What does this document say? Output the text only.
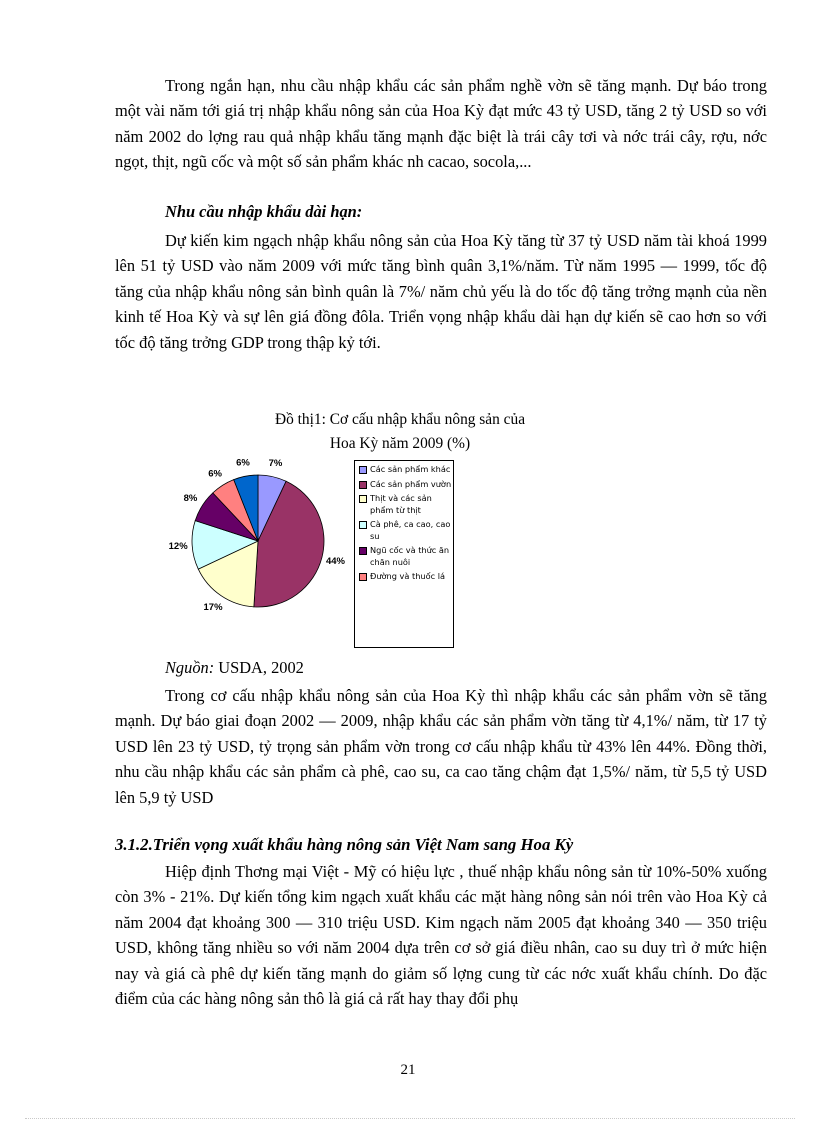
Trong ngắn hạn, nhu cầu nhập khẩu các sản phẩm nghề vờn sẽ tăng mạnh. Dự báo trong một vài năm tới giá trị nhập khẩu nông sản của Hoa Kỳ đạt mức 43 tỷ USD, tăng 2 tỷ USD so với năm 2002 do lợng rau quả nhập khẩu tăng mạnh đặc biệt là trái cây tơi và nớc trái cây, rợu, nớc ngọt, thịt, ngũ cốc và một số sản phẩm khác nh cacao, socola,...

Nhu cầu nhập khẩu dài hạn:

Dự kiến kim ngạch nhập khẩu nông sản của Hoa Kỳ tăng từ 37 tỷ USD năm tài khoá 1999 lên 51 tỷ USD vào năm 2009 với mức tăng bình quân 3,1%/năm. Từ năm 1995 — 1999, tốc độ tăng của nhập khẩu nông sản bình quân là 7%/ năm chủ yếu là do tốc độ tăng trởng mạnh của nền kinh tế Hoa Kỳ và sự lên giá đồng đôla. Triển vọng nhập khẩu dài hạn dự kiến sẽ cao hơn so với tốc độ tăng trởng GDP trong thập kỷ tới.

Đồ thị1: Cơ cấu nhập khẩu nông sản của
Hoa Kỳ năm 2009 (%)

7%
44%
17%
12%
8%
6%
6%
Các sản phẩm khác
Các sản phẩm vườn
Thịt và các sản phẩm từ thịt
Cà phê, ca cao, cao su
Ngũ cốc và thức ăn chăn nuôi
Đường và thuốc lá

Nguồn: USDA, 2002

Trong cơ cấu nhập khẩu nông sản của Hoa Kỳ thì nhập khẩu các sản phẩm vờn sẽ tăng mạnh. Dự báo giai đoạn 2002 — 2009, nhập khẩu các sản phẩm vờn tăng từ 4,1%/ năm, từ 17 tỷ USD lên 23 tỷ USD, tỷ trọng sản phẩm vờn trong cơ cấu nhập khẩu từ 43% lên 44%. Đồng thời, nhu cầu nhập khẩu các sản phẩm cà phê, cao su, ca cao tăng chậm đạt 1,5%/ năm, từ 5,5 tỷ USD lên 5,9 tỷ USD

3.1.2.Triển vọng xuất khẩu hàng nông sản Việt Nam sang Hoa Kỳ

Hiệp định Thơng mại Việt - Mỹ có hiệu lực , thuế nhập khẩu nông sản từ 10%-50% xuống còn 3% - 21%. Dự kiến tổng kim ngạch xuất khẩu các mặt hàng nông sản nói trên vào Hoa Kỳ cả năm 2004 đạt khoảng 300 — 310 triệu USD. Kim ngạch năm 2005 đạt khoảng 340 — 350 triệu USD, không tăng nhiều so với năm 2004 dựa trên cơ sở giá điều nhân, cao su duy trì ở mức hiện nay và giá cà phê dự kiến tăng mạnh do giảm số lợng cung từ các nớc xuất khẩu chính. Do đặc điểm của các hàng nông sản thô là giá cả rất hay thay đổi phụ

21
